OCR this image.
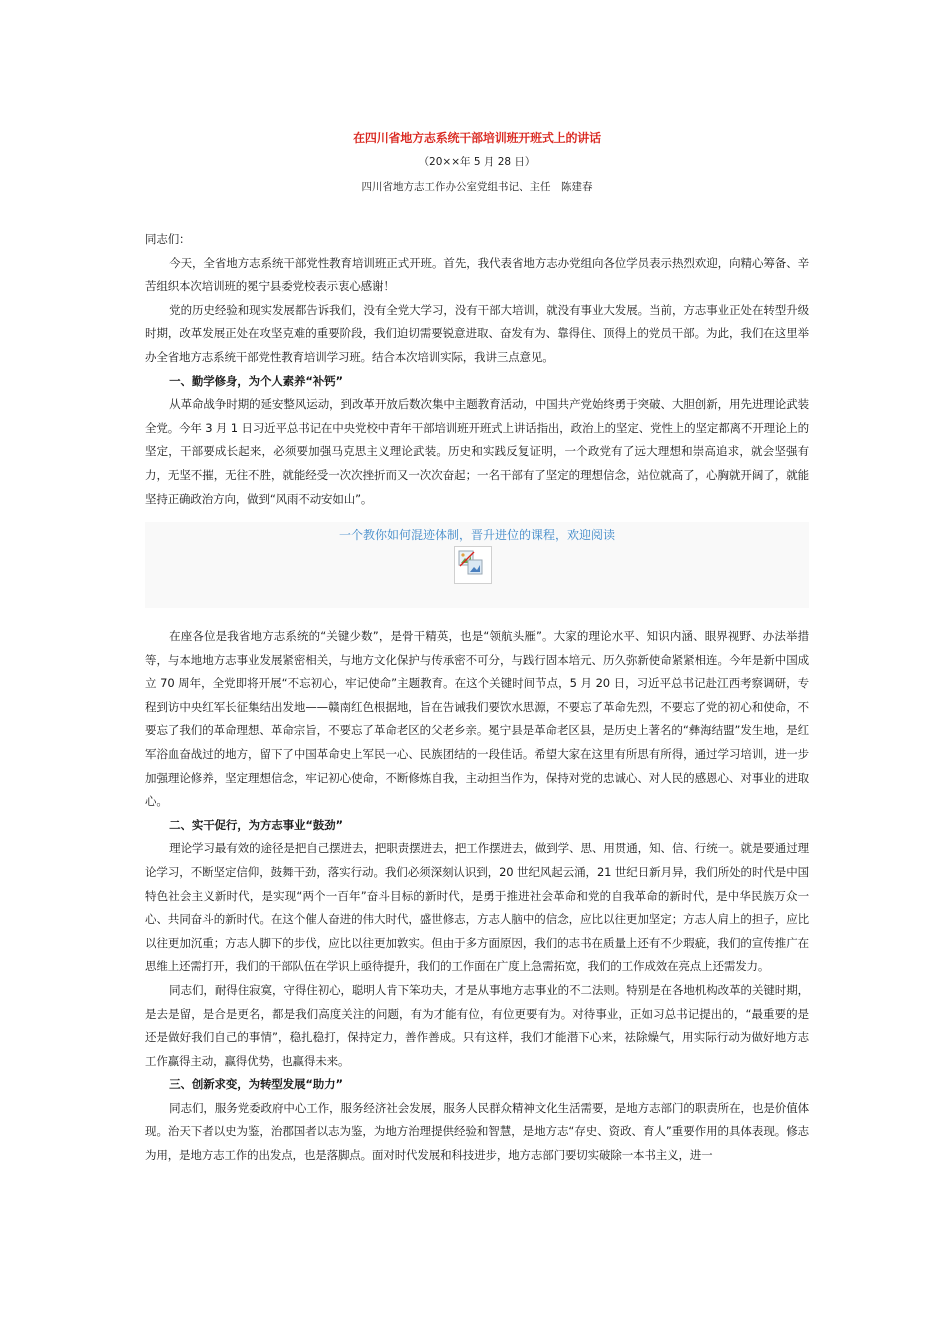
在四川省地方志系统干部培训班开班式上的讲话
（20××年 5 月 28 日）
四川省地方志工作办公室党组书记、主任　陈建春

同志们：

今天，全省地方志系统干部党性教育培训班正式开班。首先，我代表省地方志办党组向各位学员表示热烈欢迎，向精心筹备、辛苦组织本次培训班的冕宁县委党校表示衷心感谢！

党的历史经验和现实发展都告诉我们，没有全党大学习，没有干部大培训，就没有事业大发展。当前，方志事业正处在转型升级时期，改革发展正处在攻坚克难的重要阶段，我们迫切需要锐意进取、奋发有为、靠得住、顶得上的党员干部。为此，我们在这里举办全省地方志系统干部党性教育培训学习班。结合本次培训实际，我讲三点意见。

一、勤学修身，为个人素养“补钙”

从革命战争时期的延安整风运动，到改革开放后数次集中主题教育活动，中国共产党始终勇于突破、大胆创新，用先进理论武装全党。今年 3 月 1 日习近平总书记在中央党校中青年干部培训班开班式上讲话指出，政治上的坚定、党性上的坚定都离不开理论上的坚定，干部要成长起来，必须要加强马克思主义理论武装。历史和实践反复证明，一个政党有了远大理想和崇高追求，就会坚强有力，无坚不摧，无往不胜，就能经受一次次挫折而又一次次奋起；一名干部有了坚定的理想信念，站位就高了，心胸就开阔了，就能坚持正确政治方向，做到“风雨不动安如山”。

一个教你如何混迹体制，晋升进位的课程，欢迎阅读

在座各位是我省地方志系统的“关键少数”，是骨干精英，也是“领航头雁”。大家的理论水平、知识内涵、眼界视野、办法举措等，与本地地方志事业发展紧密相关，与地方文化保护与传承密不可分，与践行固本培元、历久弥新使命紧紧相连。今年是新中国成立 70 周年，全党即将开展“不忘初心，牢记使命”主题教育。在这个关键时间节点，5 月 20 日，习近平总书记赴江西考察调研，专程到访中央红军长征集结出发地——赣南红色根据地，旨在告诫我们要饮水思源，不要忘了革命先烈，不要忘了党的初心和使命，不要忘了我们的革命理想、革命宗旨，不要忘了革命老区的父老乡亲。冕宁县是革命老区县，是历史上著名的“彝海结盟”发生地，是红军浴血奋战过的地方，留下了中国革命史上军民一心、民族团结的一段佳话。希望大家在这里有所思有所得，通过学习培训，进一步加强理论修养，坚定理想信念，牢记初心使命，不断修炼自我，主动担当作为，保持对党的忠诚心、对人民的感恩心、对事业的进取心。

二、实干促行，为方志事业“鼓劲”

理论学习最有效的途径是把自己摆进去，把职责摆进去，把工作摆进去，做到学、思、用贯通，知、信、行统一。就是要通过理论学习，不断坚定信仰，鼓舞干劲，落实行动。我们必须深刻认识到，20 世纪风起云涌，21 世纪日新月异，我们所处的时代是中国特色社会主义新时代，是实现“两个一百年”奋斗目标的新时代，是勇于推进社会革命和党的自我革命的新时代，是中华民族万众一心、共同奋斗的新时代。在这个催人奋进的伟大时代，盛世修志，方志人脑中的信念，应比以往更加坚定；方志人肩上的担子，应比以往更加沉重；方志人脚下的步伐，应比以往更加敦实。但由于多方面原因，我们的志书在质量上还有不少瑕疵，我们的宣传推广在思维上还需打开，我们的干部队伍在学识上亟待提升，我们的工作面在广度上急需拓宽，我们的工作成效在亮点上还需发力。

同志们，耐得住寂寞，守得住初心，聪明人肯下笨功夫，才是从事地方志事业的不二法则。特别是在各地机构改革的关键时期，是去是留，是合是更名，都是我们高度关注的问题，有为才能有位，有位更要有为。对待事业，正如习总书记提出的，“最重要的是还是做好我们自己的事情”，稳扎稳打，保持定力，善作善成。只有这样，我们才能潜下心来，祛除燥气，用实际行动为做好地方志工作赢得主动，赢得优势，也赢得未来。

三、创新求变，为转型发展“助力”

同志们，服务党委政府中心工作，服务经济社会发展，服务人民群众精神文化生活需要，是地方志部门的职责所在，也是价值体现。治天下者以史为鉴，治郡国者以志为鉴，为地方治理提供经验和智慧，是地方志“存史、资政、育人”重要作用的具体表现。修志为用，是地方志工作的出发点，也是落脚点。面对时代发展和科技进步，地方志部门要切实破除一本书主义，进一
